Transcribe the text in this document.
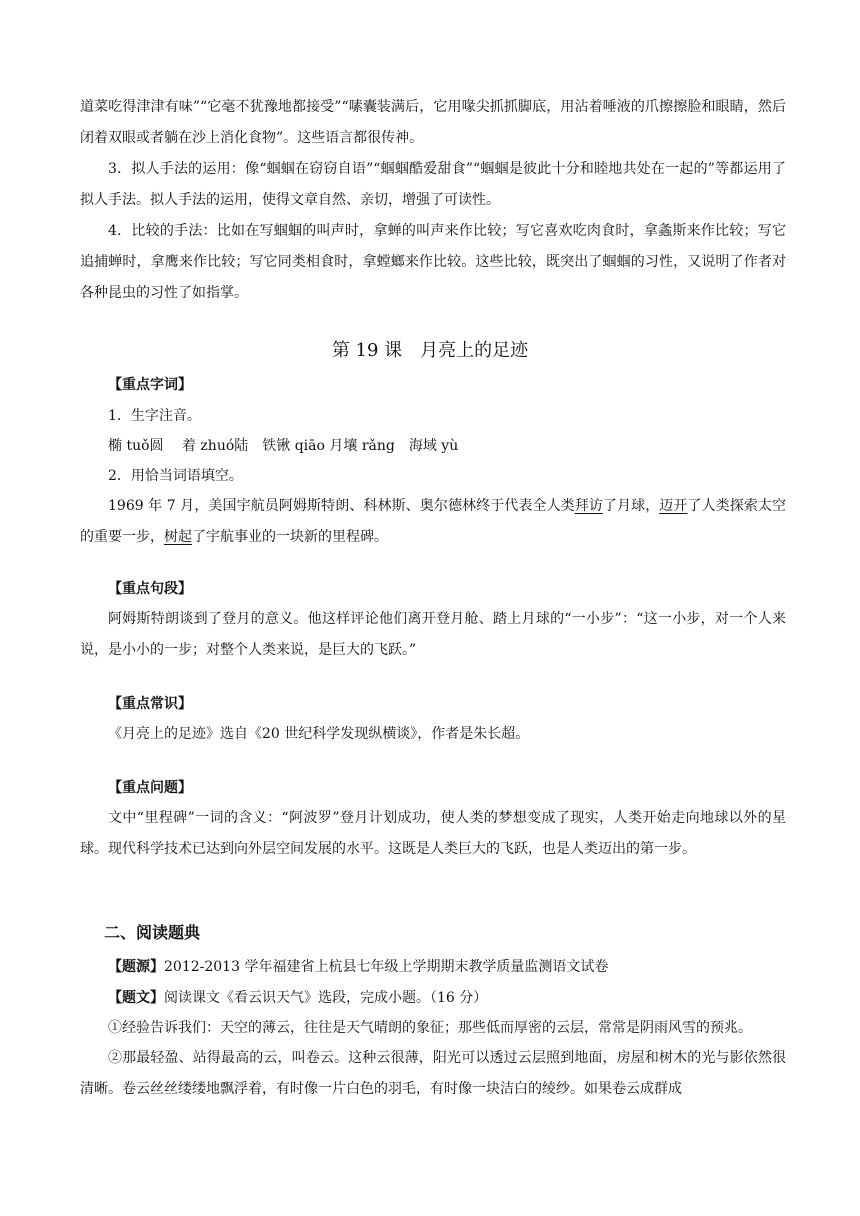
道菜吃得津津有味”“它毫不犹豫地都接受”“嗉囊装满后，它用喙尖抓抓脚底，用沾着唾液的爪擦擦脸和眼睛，然后闭着双眼或者躺在沙上消化食物”。这些语言都很传神。

3．拟人手法的运用：像“蝈蝈在窃窃自语”“蝈蝈酷爱甜食”“蝈蝈是彼此十分和睦地共处在一起的”等都运用了拟人手法。拟人手法的运用，使得文章自然、亲切，增强了可读性。

4．比较的手法：比如在写蝈蝈的叫声时，拿蝉的叫声来作比较；写它喜欢吃肉食时，拿螽斯来作比较；写它追捕蝉时，拿鹰来作比较；写它同类相食时，拿螳螂来作比较。这些比较，既突出了蝈蝈的习性，又说明了作者对各种昆虫的习性了如指掌。

第 19 课　月亮上的足迹

【重点字词】

1．生字注音。

椭 tuǒ圆　 着 zhuó陆　铁锹 qiāo 月壤 rǎng　海域 yù

2．用恰当词语填空。

1969 年 7 月，美国宇航员阿姆斯特朗、科林斯、奥尔德林终于代表全人类拜访了月球，迈开了人类探索太空的重要一步，树起了宇航事业的一块新的里程碑。

【重点句段】

阿姆斯特朗谈到了登月的意义。他这样评论他们离开登月舱、踏上月球的“一小步”：“这一小步，对一个人来说，是小小的一步；对整个人类来说，是巨大的飞跃。”

【重点常识】

《月亮上的足迹》选自《20 世纪科学发现纵横谈》，作者是朱长超。

【重点问题】

文中“里程碑”一词的含义：“阿波罗”登月计划成功，使人类的梦想变成了现实，人类开始走向地球以外的星球。现代科学技术已达到向外层空间发展的水平。这既是人类巨大的飞跃，也是人类迈出的第一步。

二、阅读题典

【题源】2012-2013 学年福建省上杭县七年级上学期期末教学质量监测语文试卷

【题文】阅读课文《看云识天气》选段，完成小题。（16 分）

①经验告诉我们：天空的薄云，往往是天气晴朗的象征；那些低而厚密的云层，常常是阴雨风雪的预兆。

②那最轻盈、站得最高的云，叫卷云。这种云很薄，阳光可以透过云层照到地面，房屋和树木的光与影依然很清晰。卷云丝丝缕缕地飘浮着，有时像一片白色的羽毛，有时像一块洁白的绫纱。如果卷云成群成
